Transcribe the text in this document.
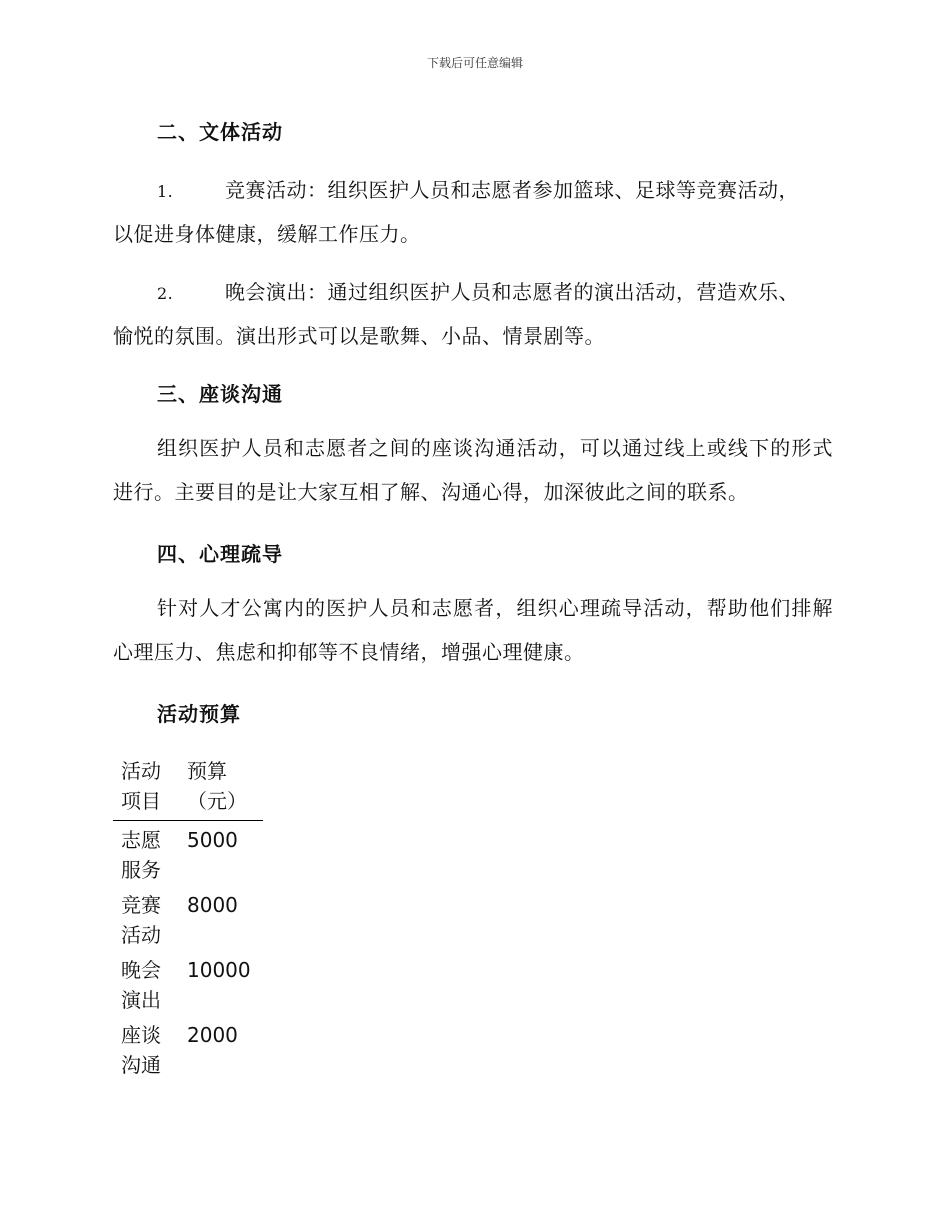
下载后可任意编辑
二、文体活动
1.	竞赛活动：组织医护人员和志愿者参加篮球、足球等竞赛活动，
以促进身体健康，缓解工作压力。
2.	晚会演出：通过组织医护人员和志愿者的演出活动，营造欢乐、
愉悦的氛围。演出形式可以是歌舞、小品、情景剧等。
三、座谈沟通
组织医护人员和志愿者之间的座谈沟通活动，可以通过线上或线下的形式进行。主要目的是让大家互相了解、沟通心得，加深彼此之间的联系。
四、心理疏导
针对人才公寓内的医护人员和志愿者，组织心理疏导活动，帮助他们排解心理压力、焦虑和抑郁等不良情绪，增强心理健康。
活动预算
活动项目	预算（元）

志愿服务	5000

竞赛活动	8000

晚会演出	10000

座谈沟通	2000
